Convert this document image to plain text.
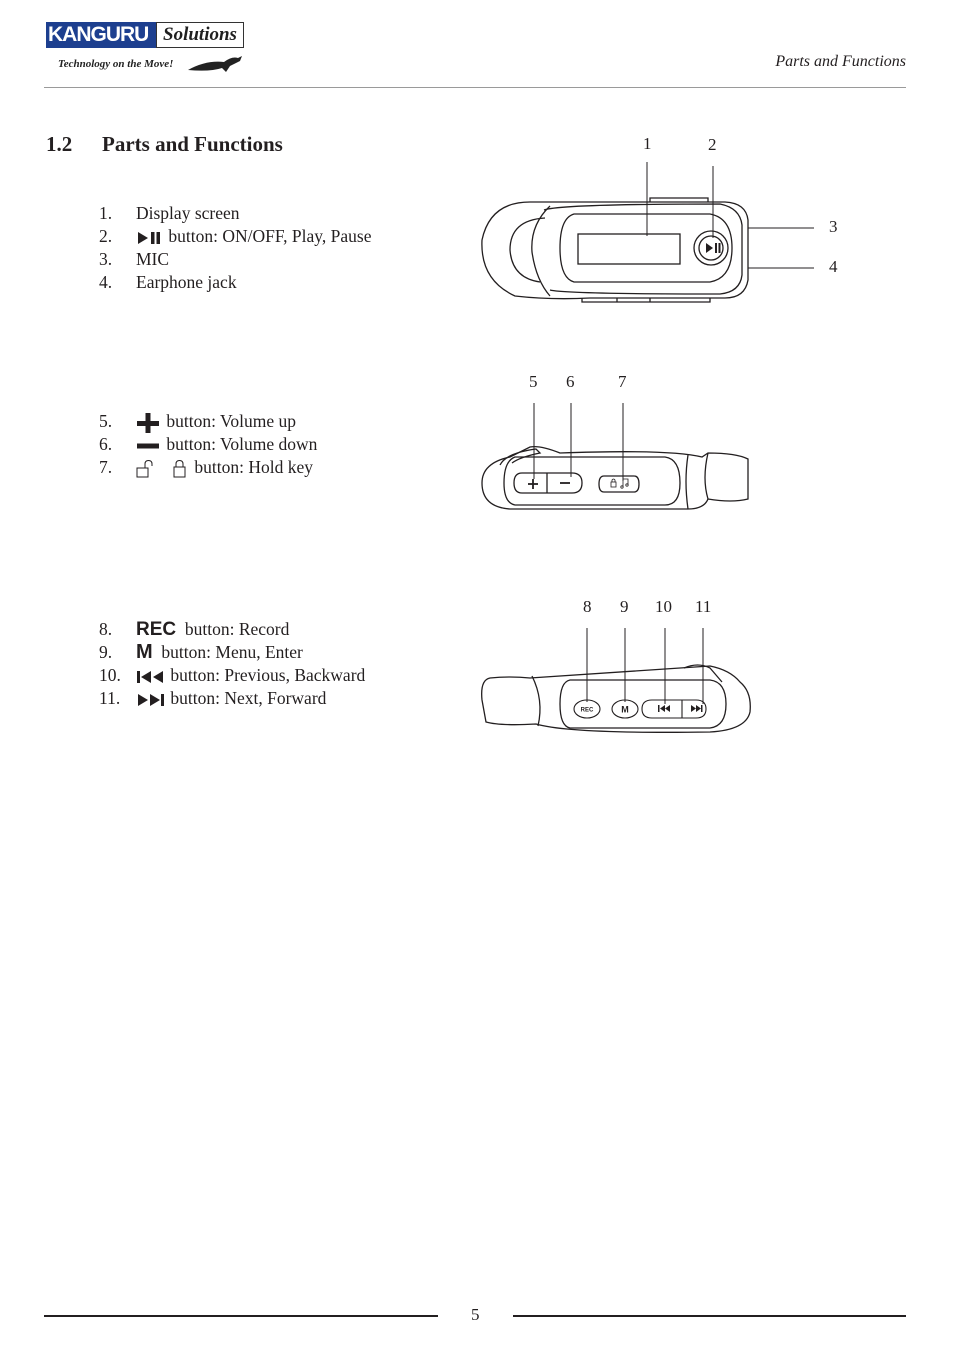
KANGURU Solutions
Technology on the Move!	Parts and Functions
1.2 Parts and Functions
1. Display screen
2.	button: ON/OFF, Play, Pause
3. MIC
4. Earphone jack
5.	button: Volume up
6.	button: Volume down
7.	button: Hold key
8. REC button: Record
9. M button: Menu, Enter
10.	button: Previous, Backward
11.	button: Next, Forward
1	2
3
4
5 6	7
REC	M
8 9 10 11
5
